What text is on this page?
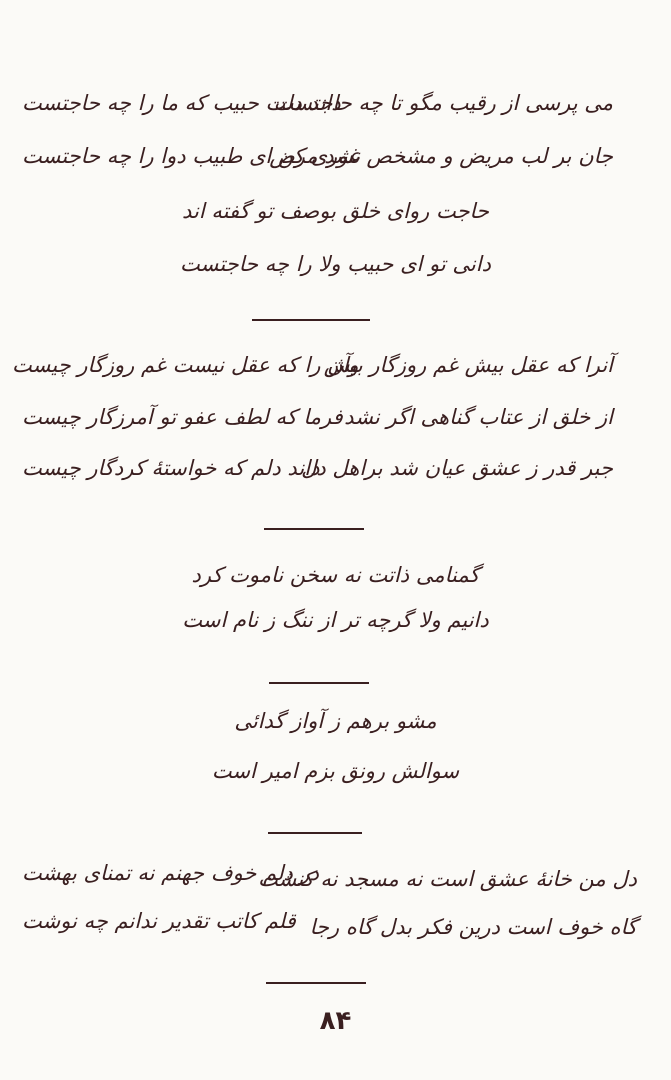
می پرسی از رقیب مگو تا چه حاجتست
داند دلت حبیب که ما را چه حاجتست
جان بر لب مریض و مشخص نشد مرض
غوری کن ای طبیب دوا را چه حاجتست
حاجت روای خلق بوصف تو گفته اند
دانی تو ای حبیب ولا را چه حاجتست
آنرا که عقل بیش غم روزگار بیش
وآن را که عقل نیست غم روزگار چیست
از خلق از عتاب گناهی اگر نشد
فرما که لطف عفو تو آمرزگار چیست
جبر قدر ز عشق عیان شد براهل دل
داند دلم که خواستهٔ کردگار چیست
گمنامی ذاتت نه سخن ناموت کرد
دانیم ولا گرچه تر از ننگ ز نام است
مشو برهم ز آواز گدائی
سوالش رونق بزم امیر است
دل من خانهٔ عشق است نه مسجد نه کنشت
در دلم خوف جهنم نه تمنای بهشت
گاه خوف است درین فکر بدل گاه رجا
قلم کاتب تقدیر ندانم چه نوشت
۸۴
